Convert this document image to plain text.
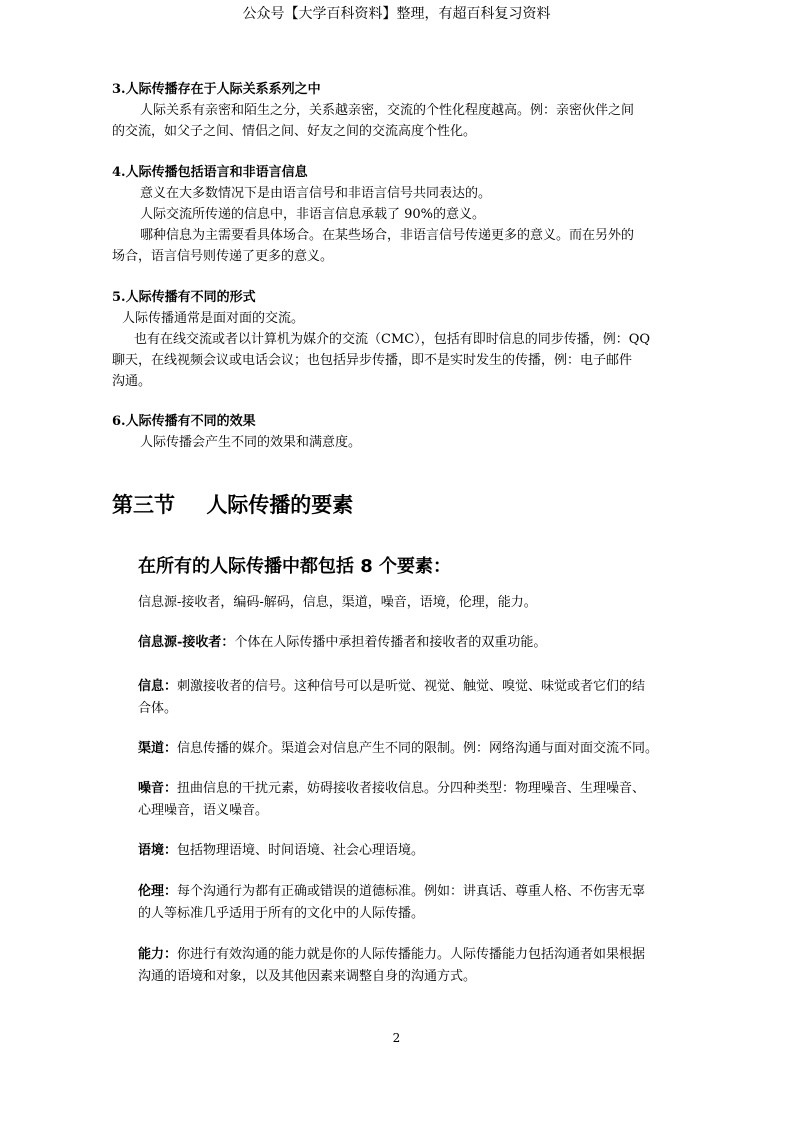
公众号【大学百科资料】整理，有超百科复习资料
3.人际传播存在于人际关系系列之中

人际关系有亲密和陌生之分，关系越亲密，交流的个性化程度越高。例：亲密伙伴之间

的交流，如父子之间、情侣之间、好友之间的交流高度个性化。

4.人际传播包括语言和非语言信息

意义在大多数情况下是由语言信号和非语言信号共同表达的。

人际交流所传递的信息中，非语言信息承载了 90%的意义。

哪种信息为主需要看具体场合。在某些场合，非语言信号传递更多的意义。而在另外的

场合，语言信号则传递了更多的意义。

5.人际传播有不同的形式

人际传播通常是面对面的交流。

也有在线交流或者以计算机为媒介的交流（CMC），包括有即时信息的同步传播，例：QQ

聊天，在线视频会议或电话会议；也包括异步传播，即不是实时发生的传播，例：电子邮件

沟通。

6.人际传播有不同的效果

人际传播会产生不同的效果和满意度。

第三节 人际传播的要素
在所有的人际传播中都包括 8 个要素：
信息源-接收者，编码-解码，信息，渠道，噪音，语境，伦理，能力。
信息源-接收者：个体在人际传播中承担着传播者和接收者的双重功能。
信息：刺激接收者的信号。这种信号可以是听觉、视觉、触觉、嗅觉、味觉或者它们的结
合体。
渠道：信息传播的媒介。渠道会对信息产生不同的限制。例：网络沟通与面对面交流不同。
噪音：扭曲信息的干扰元素，妨碍接收者接收信息。分四种类型：物理噪音、生理噪音、
心理噪音，语义噪音。
语境：包括物理语境、时间语境、社会心理语境。
伦理：每个沟通行为都有正确或错误的道德标准。例如：讲真话、尊重人格、不伤害无辜
的人等标准几乎适用于所有的文化中的人际传播。
能力：你进行有效沟通的能力就是你的人际传播能力。人际传播能力包括沟通者如果根据
沟通的语境和对象，以及其他因素来调整自身的沟通方式。
2
